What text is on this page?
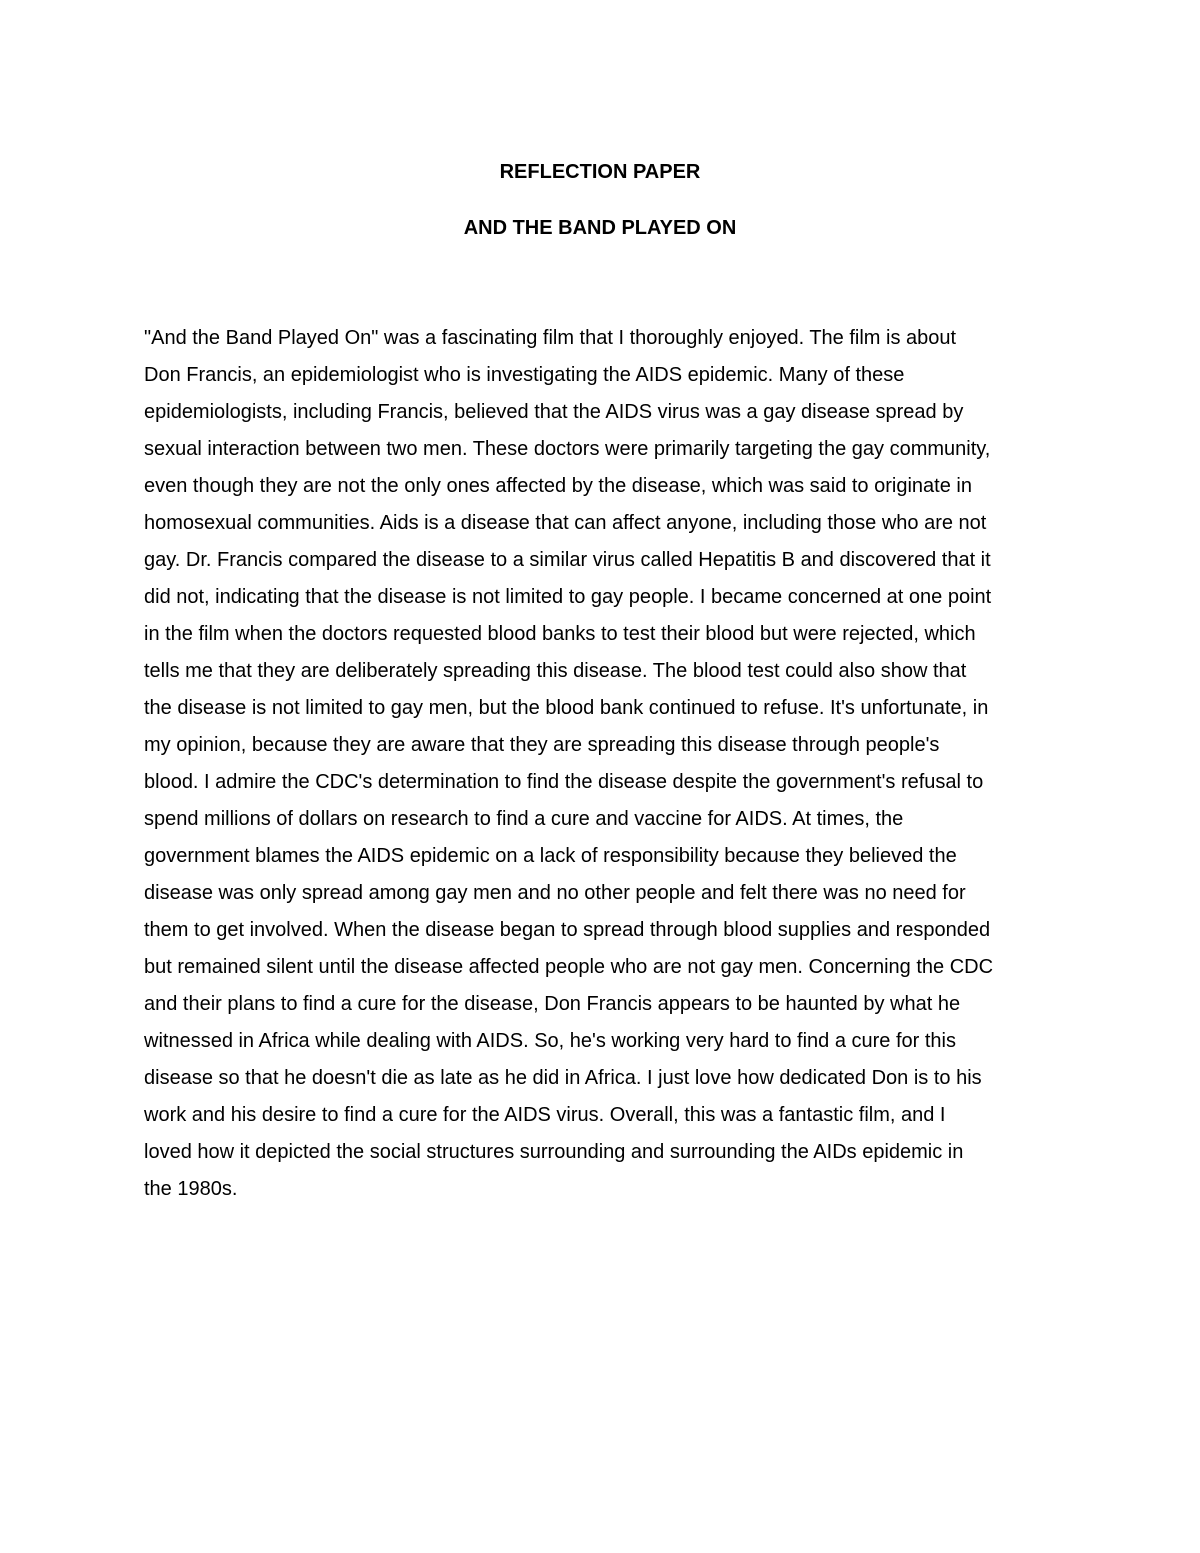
REFLECTION PAPER
AND THE BAND PLAYED ON
"And the Band Played On" was a fascinating film that I thoroughly enjoyed. The film is about
Don Francis, an epidemiologist who is investigating the AIDS epidemic. Many of these
epidemiologists, including Francis, believed that the AIDS virus was a gay disease spread by
sexual interaction between two men. These doctors were primarily targeting the gay community,
even though they are not the only ones affected by the disease, which was said to originate in
homosexual communities. Aids is a disease that can affect anyone, including those who are not
gay. Dr. Francis compared the disease to a similar virus called Hepatitis B and discovered that it
did not, indicating that the disease is not limited to gay people. I became concerned at one point
in the film when the doctors requested blood banks to test their blood but were rejected, which
tells me that they are deliberately spreading this disease. The blood test could also show that
the disease is not limited to gay men, but the blood bank continued to refuse. It's unfortunate, in
my opinion, because they are aware that they are spreading this disease through people's
blood. I admire the CDC's determination to find the disease despite the government's refusal to
spend millions of dollars on research to find a cure and vaccine for AIDS. At times, the
government blames the AIDS epidemic on a lack of responsibility because they believed the
disease was only spread among gay men and no other people and felt there was no need for
them to get involved. When the disease began to spread through blood supplies and responded
but remained silent until the disease affected people who are not gay men. Concerning the CDC
and their plans to find a cure for the disease, Don Francis appears to be haunted by what he
witnessed in Africa while dealing with AIDS. So, he's working very hard to find a cure for this
disease so that he doesn't die as late as he did in Africa. I just love how dedicated Don is to his
work and his desire to find a cure for the AIDS virus. Overall, this was a fantastic film, and I
loved how it depicted the social structures surrounding and surrounding the AIDs epidemic in
the 1980s.
